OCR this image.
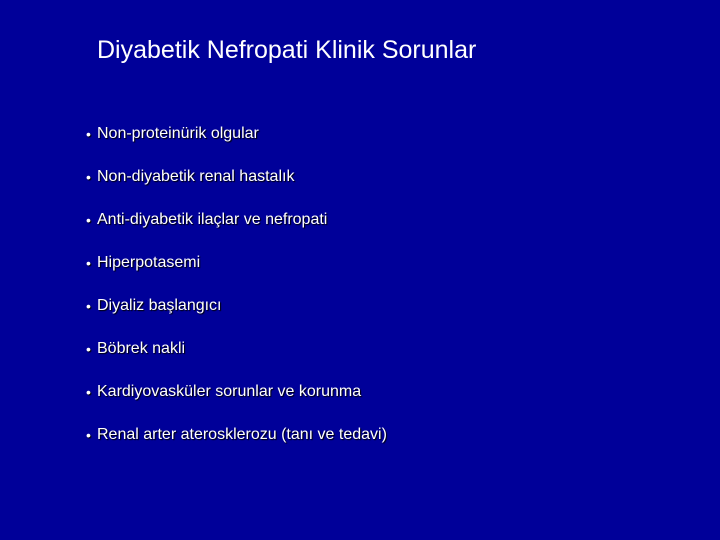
Diyabetik Nefropati Klinik Sorunlar
• Non-proteinürik olgular
• Non-diyabetik renal hastalık
• Anti-diyabetik ilaçlar ve nefropati
• Hiperpotasemi
• Diyaliz başlangıcı
• Böbrek nakli
• Kardiyovasküler sorunlar ve korunma
• Renal arter aterosklerozu (tanı ve tedavi)
